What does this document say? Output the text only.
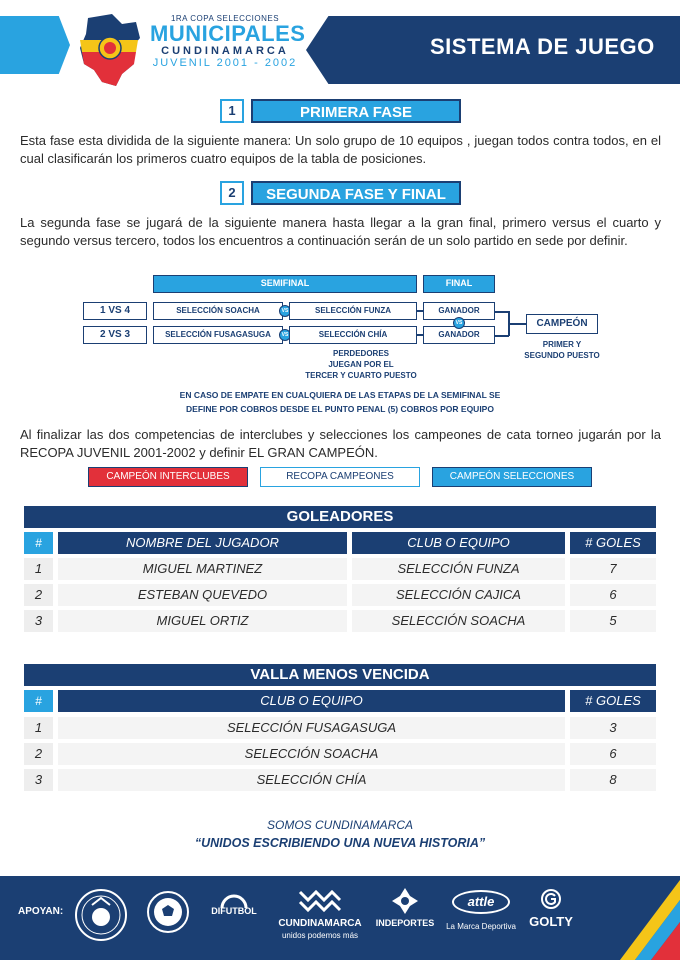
1RA COPA SELECCIONES
MUNICIPALES
CUNDINAMARCA
JUVENIL 2001 - 2002
SISTEMA DE JUEGO
1	PRIMERA FASE
Esta fase esta dividida de la siguiente manera: Un solo grupo de 10 equipos , juegan todos contra todos, en el cual clasificarán los primeros cuatro equipos de la tabla de posiciones.
2	SEGUNDA FASE Y FINAL
La segunda fase se jugará de la siguiente manera hasta llegar a la gran final, primero versus el cuarto y segundo versus tercero, todos los encuentros a continuación serán de un solo partido en sede por definir.
SEMIFINAL	FINAL
1 VS 4	SELECCIÓN SOACHA	VS	SELECCIÓN FUNZA	GANADOR
2 VS 3	SELECCIÓN FUSAGASUGA	VS	SELECCIÓN CHÍA	GANADOR
VS	CAMPEÓN
PERDEDORES
JUEGAN POR EL
TERCER Y CUARTO PUESTO
PRIMER Y
SEGUNDO PUESTO
EN CASO DE EMPATE EN CUALQUIERA DE LAS ETAPAS DE LA SEMIFINAL SE
DEFINE POR COBROS DESDE EL PUNTO PENAL (5) COBROS POR EQUIPO
Al finalizar las dos competencias de interclubes y selecciones los campeones de cata torneo jugarán por la RECOPA JUVENIL 2001-2002 y definir EL GRAN CAMPEÓN.
CAMPEÓN INTERCLUBES	RECOPA CAMPEONES	CAMPEÓN SELECCIONES
GOLEADORES
#	NOMBRE DEL JUGADOR	CLUB O EQUIPO	# GOLES
1	MIGUEL MARTINEZ	SELECCIÓN FUNZA	7
2	ESTEBAN QUEVEDO	SELECCIÓN CAJICA	6
3	MIGUEL ORTIZ	SELECCIÓN SOACHA	5
VALLA MENOS VENCIDA
#	CLUB O EQUIPO	# GOLES
1	SELECCIÓN FUSAGASUGA	3
2	SELECCIÓN SOACHA	6
3	SELECCIÓN CHÍA	8
SOMOS CUNDINAMARCA
“UNIDOS ESCRIBIENDO UNA NUEVA HISTORIA”
APOYAN:	DIFUTBOL
CUNDINAMARCA
unidos podemos más
INDEPORTES
attle
La Marca Deportiva	GOLTY
